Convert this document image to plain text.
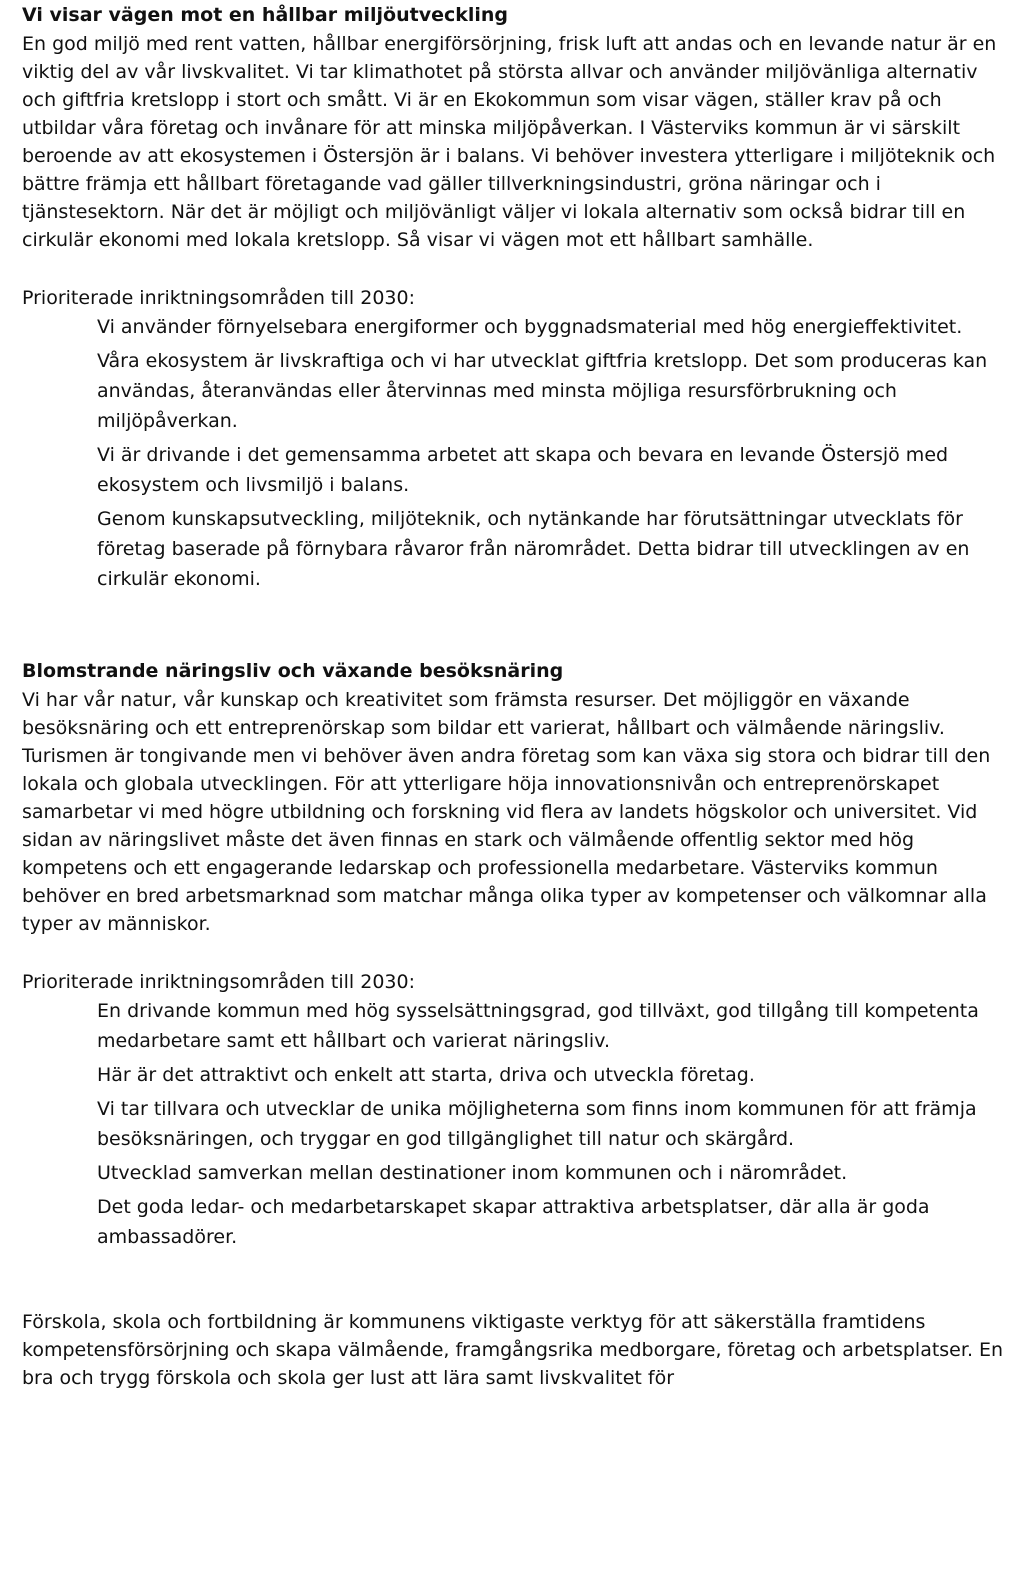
Vi visar vägen mot en hållbar miljöutveckling

En god miljö med rent vatten, hållbar energiförsörjning, frisk luft att andas och en levande natur är en viktig del av vår livskvalitet. Vi tar klimathotet på största allvar och använder miljövänliga alternativ och giftfria kretslopp i stort och smått. Vi är en Ekokommun som visar vägen, ställer krav på och utbildar våra företag och invånare för att minska miljöpåverkan. I Västerviks kommun är vi särskilt beroende av att ekosystemen i Östersjön är i balans. Vi behöver investera ytterligare i miljöteknik och bättre främja ett hållbart företagande vad gäller tillverkningsindustri, gröna näringar och i tjänstesektorn. När det är möjligt och miljövänligt väljer vi lokala alternativ som också bidrar till en cirkulär ekonomi med lokala kretslopp. Så visar vi vägen mot ett hållbart samhälle.

Prioriterade inriktningsområden till 2030:

Vi använder förnyelsebara energiformer och byggnadsmaterial med hög energieffektivitet.
Våra ekosystem är livskraftiga och vi har utvecklat giftfria kretslopp. Det som produceras kan användas, återanvändas eller återvinnas med minsta möjliga resursförbrukning och miljöpåverkan.
Vi är drivande i det gemensamma arbetet att skapa och bevara en levande Östersjö med ekosystem och livsmiljö i balans.
Genom kunskapsutveckling, miljöteknik, och nytänkande har förutsättningar utvecklats för företag baserade på förnybara råvaror från närområdet. Detta bidrar till utvecklingen av en cirkulär ekonomi.
Blomstrande näringsliv och växande besöksnäring

Vi har vår natur, vår kunskap och kreativitet som främsta resurser. Det möjliggör en växande besöksnäring och ett entreprenörskap som bildar ett varierat, hållbart och välmående näringsliv. Turismen är tongivande men vi behöver även andra företag som kan växa sig stora och bidrar till den lokala och globala utvecklingen. För att ytterligare höja innovationsnivån och entreprenörskapet samarbetar vi med högre utbildning och forskning vid flera av landets högskolor och universitet. Vid sidan av näringslivet måste det även finnas en stark och välmående offentlig sektor med hög kompetens och ett engagerande ledarskap och professionella medarbetare. Västerviks kommun behöver en bred arbetsmarknad som matchar många olika typer av kompetenser och välkomnar alla typer av människor.

Prioriterade inriktningsområden till 2030:

En drivande kommun med hög sysselsättningsgrad, god tillväxt, god tillgång till kompetenta medarbetare samt ett hållbart och varierat näringsliv.
Här är det attraktivt och enkelt att starta, driva och utveckla företag.
Vi tar tillvara och utvecklar de unika möjligheterna som finns inom kommunen för att främja besöksnäringen, och tryggar en god tillgänglighet till natur och skärgård.
Utvecklad samverkan mellan destinationer inom kommunen och i närområdet.
Det goda ledar- och medarbetarskapet skapar attraktiva arbetsplatser, där alla är goda ambassadörer.

Förskola, skola och fortbildning är kommunens viktigaste verktyg för att säkerställa framtidens kompetensförsörjning och skapa välmående, framgångsrika medborgare, företag och arbetsplatser. En bra och trygg förskola och skola ger lust att lära samt livskvalitet för
